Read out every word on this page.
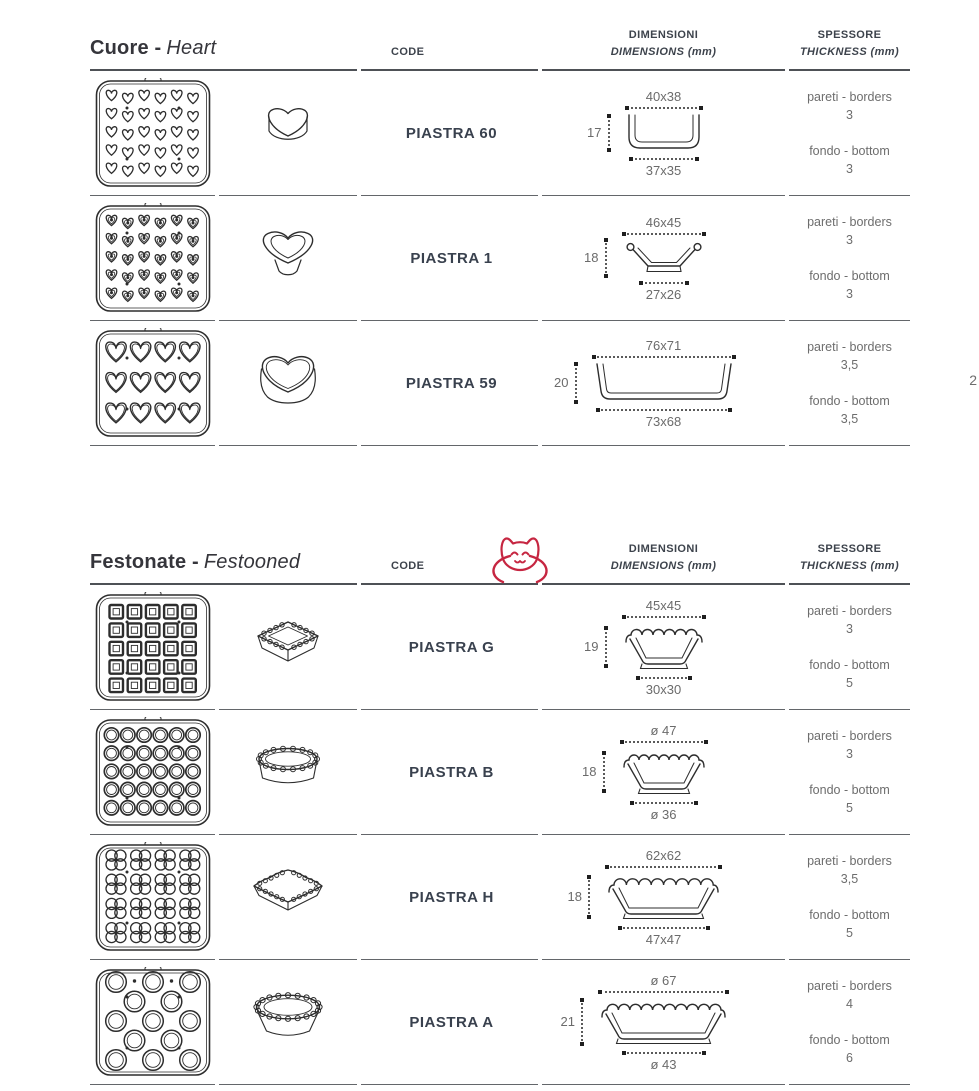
Cuore - Heart	CODE
DIMENSIONI
DIMENSIONS (mm)
SPESSORE
THICKNESS (mm)
PIASTRA 60
40x38
17
37x35
pareti - borders
3
fondo - bottom
3
PIASTRA 1
46x45
18
27x26
pareti - borders
3
fondo - bottom
3
PIASTRA 59
76x71
20
73x68
pareti - borders
3,5
fondo - bottom
3,5
Festonate - Festooned	CODE
DIMENSIONI
DIMENSIONS (mm)
SPESSORE
THICKNESS (mm)
PIASTRA G
45x45
19
30x30
pareti - borders
3
fondo - bottom
5
PIASTRA B
ø 47
18
ø 36
pareti - borders
3
fondo - bottom
5
PIASTRA H
62x62
18
47x47
pareti - borders
3,5
fondo - bottom
5
PIASTRA A
ø 67
21
ø 43
pareti - borders
4
fondo - bottom
6
2
